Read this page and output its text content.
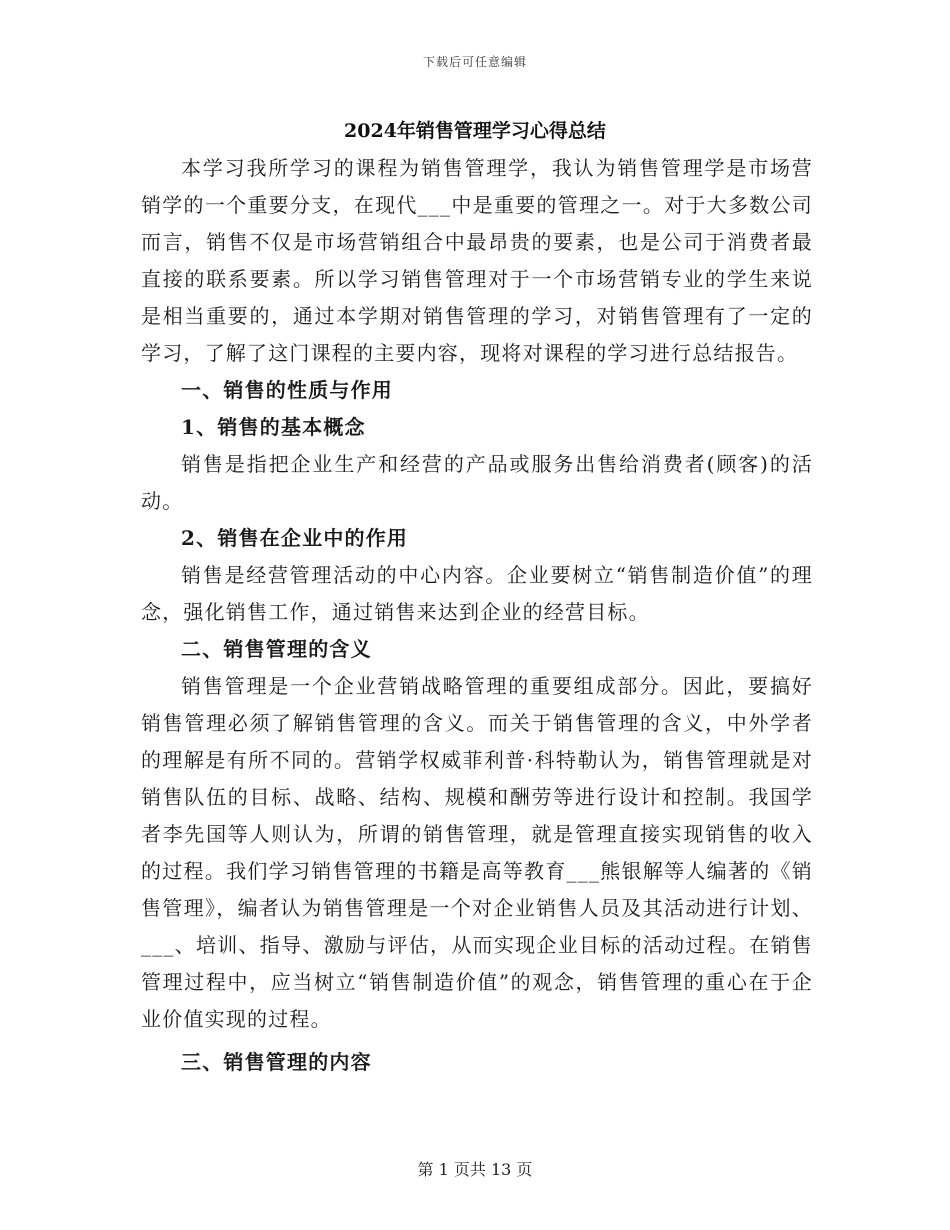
下载后可任意编辑
2024年销售管理学习心得总结

本学习我所学习的课程为销售管理学，我认为销售管理学是市场营销学的一个重要分支，在现代___中是重要的管理之一。对于大多数公司而言，销售不仅是市场营销组合中最昂贵的要素，也是公司于消费者最直接的联系要素。所以学习销售管理对于一个市场营销专业的学生来说是相当重要的，通过本学期对销售管理的学习，对销售管理有了一定的学习，了解了这门课程的主要内容，现将对课程的学习进行总结报告。

一、销售的性质与作用

1、销售的基本概念

销售是指把企业生产和经营的产品或服务出售给消费者(顾客)的活动。

2、销售在企业中的作用

销售是经营管理活动的中心内容。企业要树立“销售制造价值”的理念，强化销售工作，通过销售来达到企业的经营目标。

二、销售管理的含义

销售管理是一个企业营销战略管理的重要组成部分。因此，要搞好销售管理必须了解销售管理的含义。而关于销售管理的含义，中外学者的理解是有所不同的。营销学权威菲利普·科特勒认为，销售管理就是对销售队伍的目标、战略、结构、规模和酬劳等进行设计和控制。我国学者李先国等人则认为，所谓的销售管理，就是管理直接实现销售的收入的过程。我们学习销售管理的书籍是高等教育___熊银解等人编著的《销售管理》，编者认为销售管理是一个对企业销售人员及其活动进行计划、___、培训、指导、激励与评估，从而实现企业目标的活动过程。在销售管理过程中，应当树立“销售制造价值”的观念，销售管理的重心在于企业价值实现的过程。

三、销售管理的内容

第 1 页共 13 页
